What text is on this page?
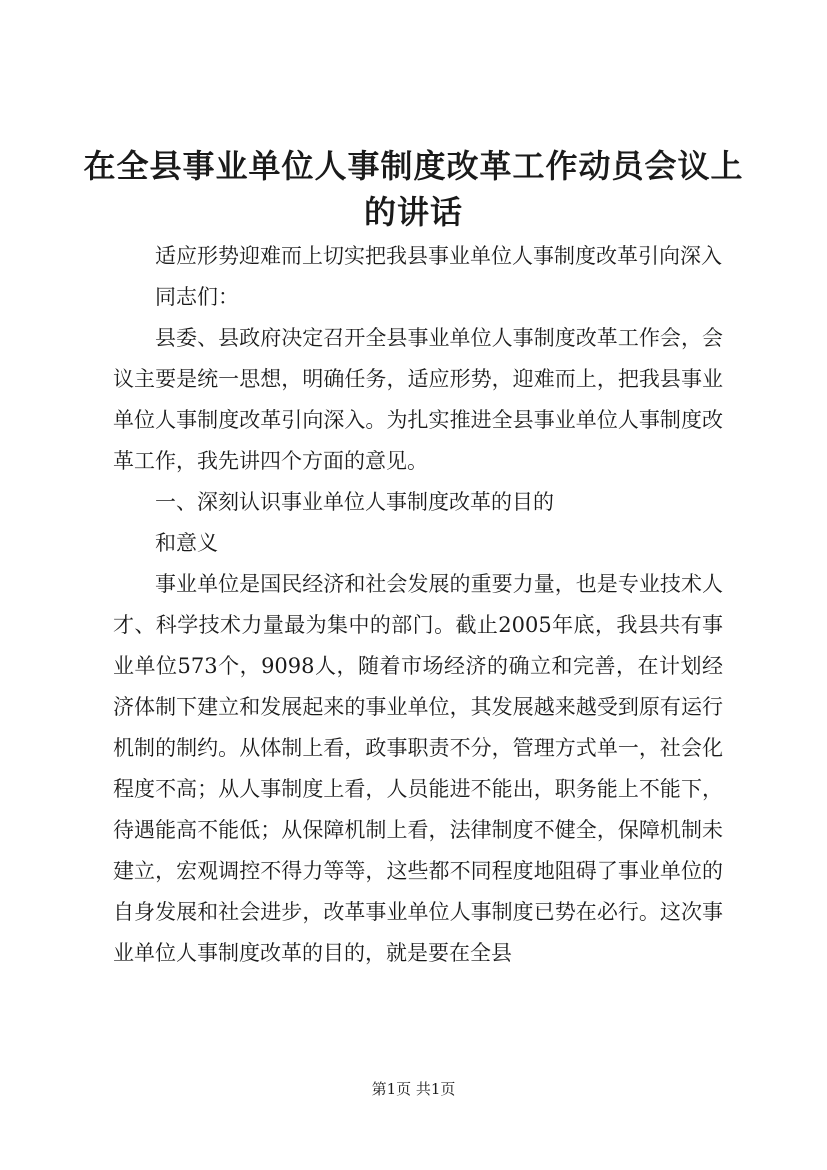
在全县事业单位人事制度改革工作动员会议上的讲话

适应形势迎难而上切实把我县事业单位人事制度改革引向深入

同志们：

县委、县政府决定召开全县事业单位人事制度改革工作会，会议主要是统一思想，明确任务，适应形势，迎难而上，把我县事业单位人事制度改革引向深入。为扎实推进全县事业单位人事制度改革工作，我先讲四个方面的意见。

一、深刻认识事业单位人事制度改革的目的

和意义

事业单位是国民经济和社会发展的重要力量，也是专业技术人才、科学技术力量最为集中的部门。截止2005年底，我县共有事业单位573个，9098人，随着市场经济的确立和完善，在计划经济体制下建立和发展起来的事业单位，其发展越来越受到原有运行机制的制约。从体制上看，政事职责不分，管理方式单一，社会化程度不高；从人事制度上看，人员能进不能出，职务能上不能下，待遇能高不能低；从保障机制上看，法律制度不健全，保障机制未建立，宏观调控不得力等等，这些都不同程度地阻碍了事业单位的自身发展和社会进步，改革事业单位人事制度已势在必行。这次事业单位人事制度改革的目的，就是要在全县

第1页 共1页
